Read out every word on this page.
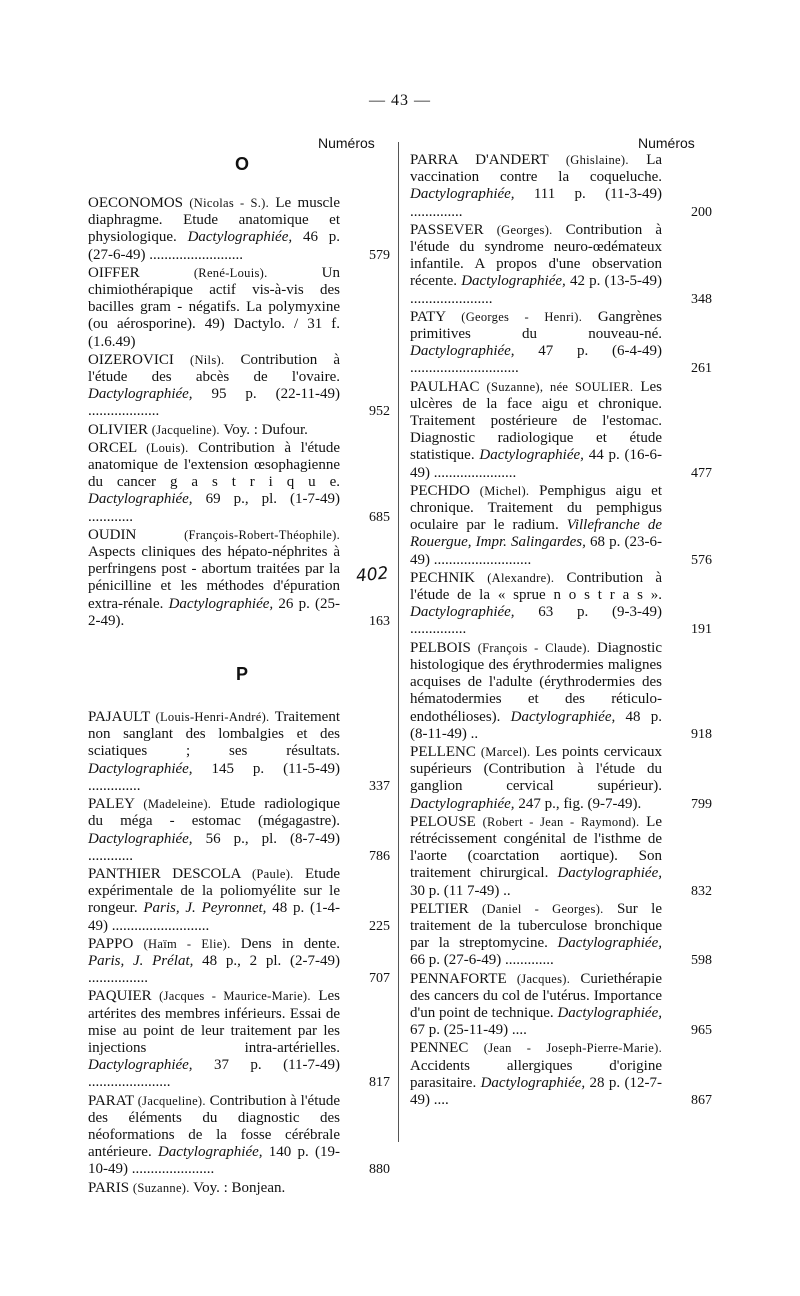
— 43 —
Numéros	Numéros
402
O
OECONOMOS (Nicolas - S.). Le muscle diaphragme. Etude anatomique et physiologique. Dactylographiée, 46 p. (27-6-49) .........................	579
OIFFER	(René-Louis).	Un chimiothérapique actif vis-à-vis des bacilles gram - négatifs. La polymyxine (ou aérosporine). 49) Dactylo. / 31 f. (1.6.49)
OIZEROVICI (Nils). Contribution à l'étude des abcès de l'ovaire. Dactylographiée, 95 p. (22-11-49) ...................	952
OLIVIER (Jacqueline). Voy. : Dufour.
ORCEL (Louis). Contribution à l'étude anatomique de l'extension œsophagienne du cancer g a s t r i q u e. Dactylographiée, 69 p., pl. (1-7-49) ............	685
OUDIN	(François-Robert-Théophile). Aspects cliniques des hépato-néphrites à perfringens post - abortum traitées par la pénicilline et les méthodes d'épuration extra-rénale. Dactylographiée, 26 p. (25-2-49).	163
P
PAJAULT (Louis-Henri-André). Traitement non sanglant des lombalgies et des sciatiques ; ses résultats. Dactylographiée, 145 p. (11-5-49) ..............	337
PALEY (Madeleine). Etude radiologique du méga - estomac (mégagastre). Dactylographiée, 56 p., pl. (8-7-49) ............	786
PANTHIER DESCOLA (Paule). Etude expérimentale de la poliomyélite sur le rongeur. Paris, J. Peyronnet, 48 p. (1-4-49) ..........................	225
PAPPO (Haïm - Elie). Dens in dente. Paris, J. Prélat, 48 p., 2 pl. (2-7-49) ................	707
PAQUIER (Jacques - Maurice-Marie). Les artérites des membres inférieurs. Essai de mise au point de leur traitement par les injections intra-artérielles. Dactylographiée, 37 p. (11-7-49) ......................	817
PARAT (Jacqueline). Contribution à l'étude des éléments du diagnostic des néoformations de la fosse cérébrale antérieure. Dactylographiée, 140 p. (19-10-49) ......................	880
PARIS (Suzanne). Voy. : Bonjean.
PARRA D'ANDERT (Ghislaine). La vaccination contre la coqueluche. Dactylographiée, 111 p. (11-3-49) ..............	200
PASSEVER (Georges). Contribution à l'étude du syndrome neuro-œdémateux infantile. A propos d'une observation récente. Dactylographiée, 42 p. (13-5-49) ......................	348
PATY (Georges - Henri). Gangrènes primitives du nouveau-né. Dactylographiée, 47 p. (6-4-49) .............................	261
PAULHAC (Suzanne), née SOULIER. Les ulcères de la face aigu et chronique. Traitement postérieure de l'estomac. Diagnostic radiologique et étude statistique. Dactylographiée, 44 p. (16-6-49) ......................	477
PECHDO (Michel). Pemphigus aigu et chronique. Traitement du pemphigus oculaire par le radium. Villefranche de Rouergue, Impr. Salingardes, 68 p. (23-6-49) ..........................	576
PECHNIK (Alexandre). Contribution à l'étude de la « sprue n o s t r a s ». Dactylographiée, 63 p. (9-3-49) ...............	191
PELBOIS (François - Claude). Diagnostic histologique des érythrodermies malignes acquises de l'adulte (érythrodermies des hématodermies et des réticulo-endothélioses). Dactylographiée, 48 p. (8-11-49) ..	918
PELLENC (Marcel). Les points cervicaux supérieurs (Contribution à l'étude du ganglion cervical supérieur). Dactylographiée, 247 p., fig. (9-7-49).	799
PELOUSE (Robert - Jean - Raymond). Le rétrécissement congénital de l'isthme de l'aorte (coarctation aortique). Son traitement chirurgical. Dactylographiée, 30 p. (11 7-49) ..	832
PELTIER (Daniel - Georges). Sur le traitement de la tuberculose bronchique par la streptomycine. Dactylographiée, 66 p. (27-6-49) .............	598
PENNAFORTE (Jacques). Curiethérapie des cancers du col de l'utérus. Importance d'un point de technique. Dactylographiée, 67 p. (25-11-49) ....	965
PENNEC (Jean - Joseph-Pierre-Marie). Accidents allergiques d'origine parasitaire. Dactylographiée, 28 p. (12-7-49) ....	867
